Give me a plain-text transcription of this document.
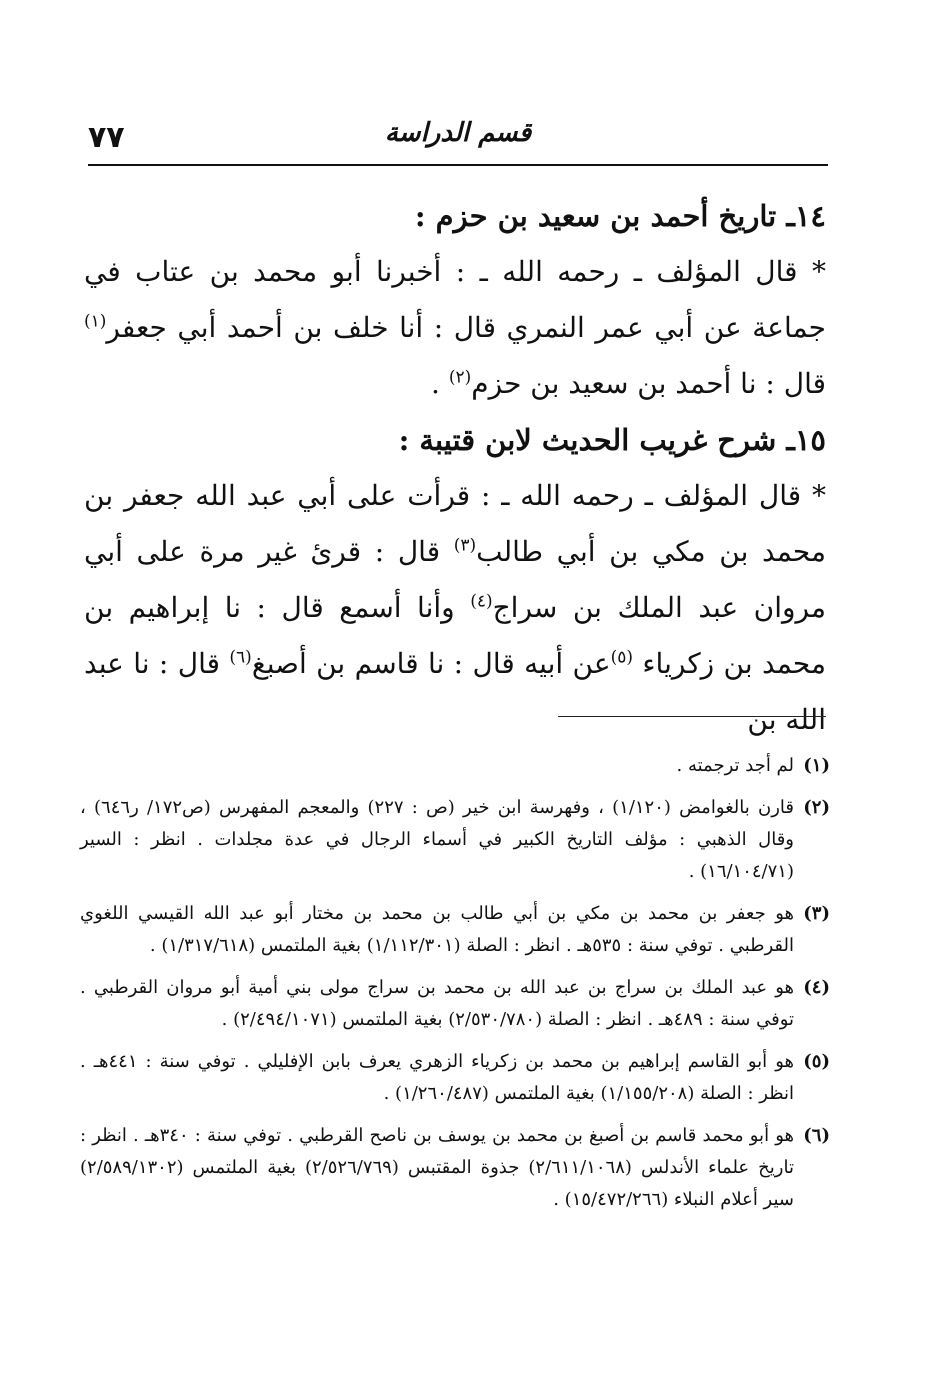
٧٧	قسم الدراسة

١٤ـ تاريخ أحمد بن سعيد بن حزم :

* قال المؤلف ـ رحمه الله ـ : أخبرنا أبو محمد بن عتاب في جماعة عن أبي عمر النمري قال : أنا خلف بن أحمد أبي جعفر$^{(١)}$ قال : نا أحمد بن سعيد بن حزم$^{(٢)}$ .

١٥ـ شرح غريب الحديث لابن قتيبة :

* قال المؤلف ـ رحمه الله ـ : قرأت على أبي عبد الله جعفر بن محمد بن مكي بن أبي طالب$^{(٣)}$ قال : قرئ غير مرة على أبي مروان عبد الملك بن سراج$^{(٤)}$ وأنا أسمع قال : نا إبراهيم بن محمد بن زكرياء $^{(٥)}$عن أبيه قال : نا قاسم بن أصبغ$^{(٦)}$ قال : نا عبد الله بن

(١)
لم أجد ترجمته .
(٢)
قارن بالغوامض (١/١٢٠) ، وفهرسة ابن خير (ص : ٢٢٧) والمعجم المفهرس (ص١٧٢/ ر٦٤٦) ، وقال الذهبي : مؤلف التاريخ الكبير في أسماء الرجال في عدة مجلدات . انظر : السير (١٦/١٠٤/٧١) .
(٣)
هو جعفر بن محمد بن مكي بن أبي طالب بن محمد بن مختار أبو عبد الله القيسي اللغوي القرطبي . توفي سنة : ٥٣٥هـ . انظر : الصلة (١/١١٢/٣٠١) بغية الملتمس (١/٣١٧/٦١٨) .
(٤)
هو عبد الملك بن سراج بن عبد الله بن محمد بن سراج مولى بني أمية أبو مروان القرطبي . توفي سنة : ٤٨٩هـ . انظر : الصلة (٢/٥٣٠/٧٨٠) بغية الملتمس (٢/٤٩٤/١٠٧١) .
(٥)
هو أبو القاسم إبراهيم بن محمد بن زكرياء الزهري يعرف بابن الإفليلي . توفي سنة : ٤٤١هـ . انظر : الصلة (١/١٥٥/٢٠٨) بغية الملتمس (١/٢٦٠/٤٨٧) .
(٦)
هو أبو محمد قاسم بن أصبغ بن محمد بن يوسف بن ناصح القرطبي . توفي سنة : ٣٤٠هـ . انظر : تاريخ علماء الأندلس (٢/٦١١/١٠٦٨) جذوة المقتبس (٢/٥٢٦/٧٦٩) بغية الملتمس (٢/٥٨٩/١٣٠٢) سير أعلام النبلاء (١٥/٤٧٢/٢٦٦) .
